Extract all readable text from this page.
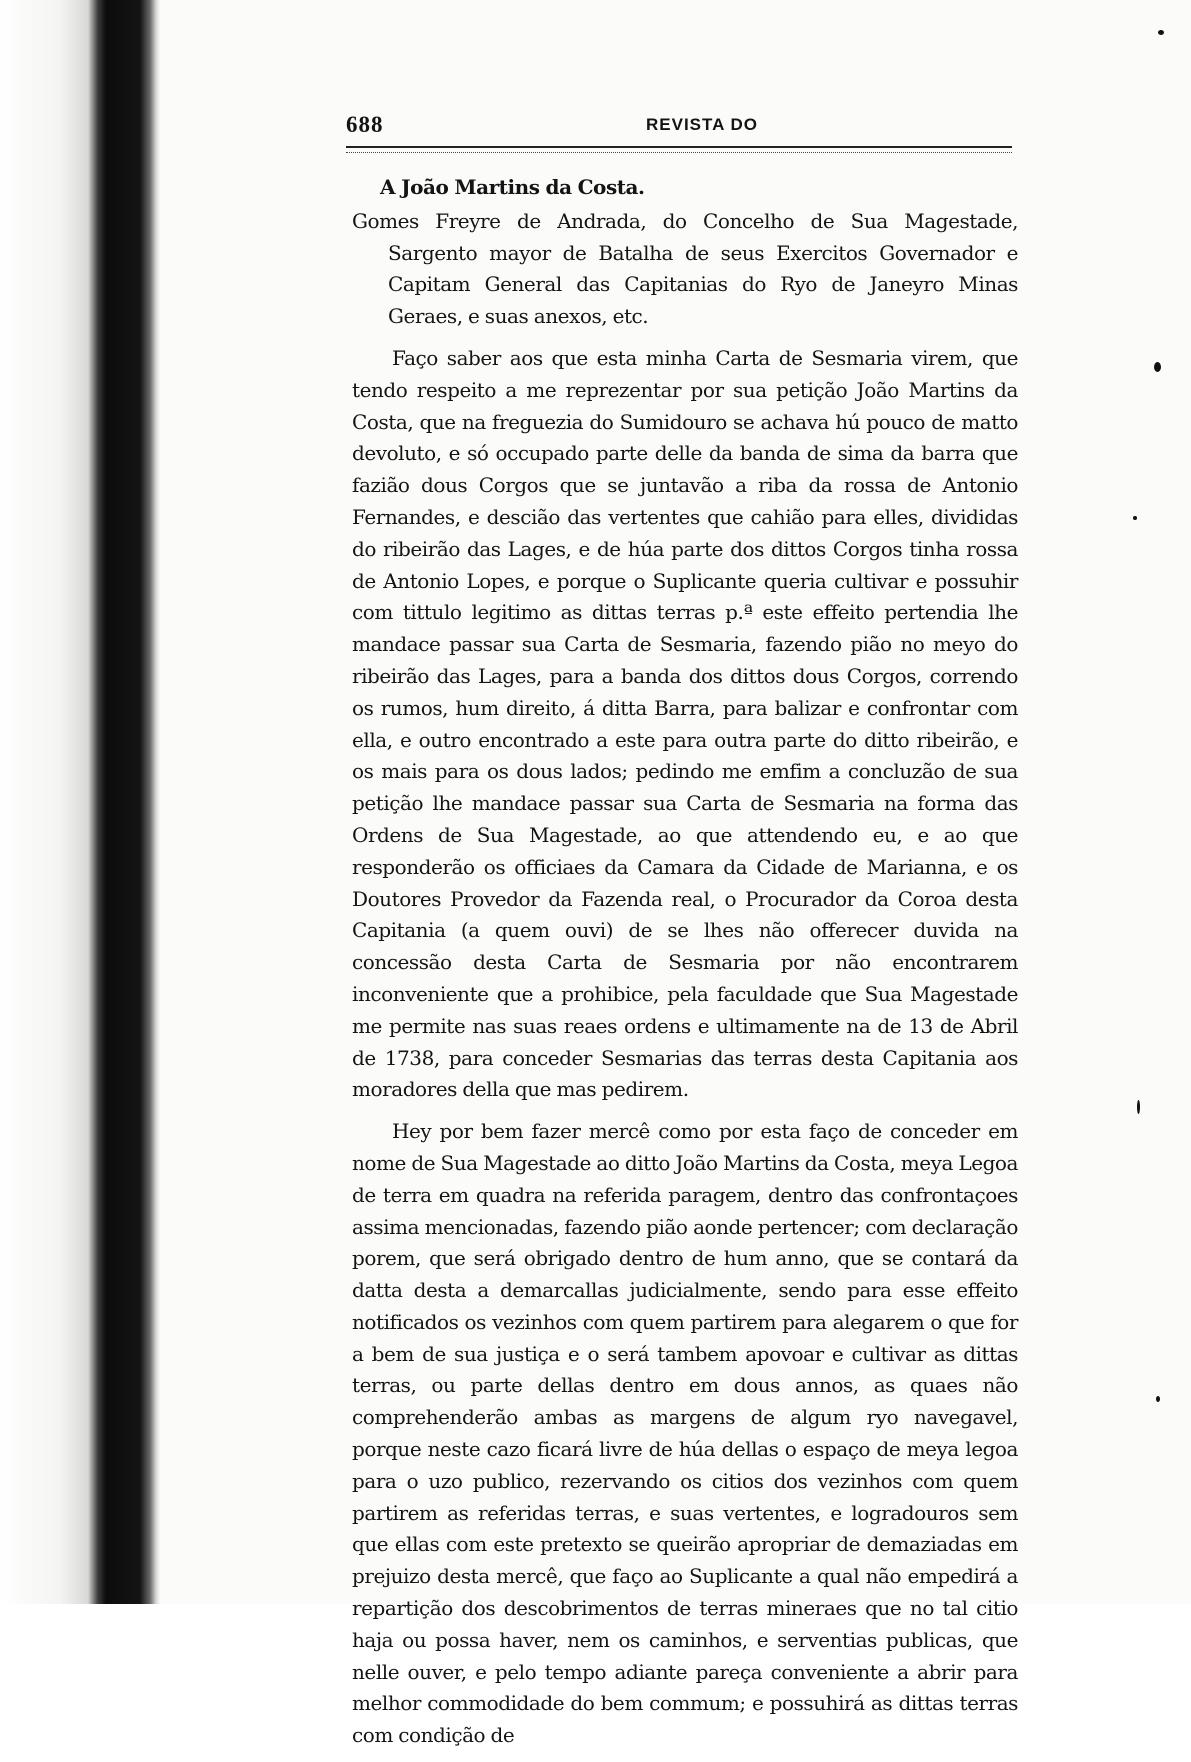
688	REVISTA DO

A João Martins da Costa.

Gomes Freyre de Andrada, do Concelho de Sua Magestade, Sargento mayor de Batalha de seus Exercitos Governador e Capitam General das Capitanias do Ryo de Janeyro Minas Geraes, e suas anexos, etc.

Faço saber aos que esta minha Carta de Sesmaria virem, que tendo respeito a me reprezentar por sua petição João Martins da Costa, que na freguezia do Sumidouro se achava hú pouco de matto devoluto, e só occupado parte delle da banda de sima da barra que fazião dous Corgos que se juntavão a riba da rossa de Antonio Fernandes, e descião das vertentes que cahião para elles, divididas do ribeirão das Lages, e de húa parte dos dittos Corgos tinha rossa de Antonio Lopes, e porque o Suplicante queria cultivar e possuhir com tittulo legitimo as dittas terras p.ª este effeito pertendia lhe mandace passar sua Carta de Sesmaria, fazendo pião no meyo do ribeirão das Lages, para a banda dos dittos dous Corgos, correndo os rumos, hum direito, á ditta Barra, para balizar e confrontar com ella, e outro encontrado a este para outra parte do ditto ribeirão, e os mais para os dous lados; pedindo me emfim a concluzão de sua petição lhe mandace passar sua Carta de Sesmaria na forma das Ordens de Sua Magestade, ao que attendendo eu, e ao que responderão os officiaes da Camara da Cidade de Marianna, e os Doutores Provedor da Fazenda real, o Procurador da Coroa desta Capitania (a quem ouvi) de se lhes não offerecer duvida na concessão desta Carta de Sesmaria por não encontrarem inconveniente que a prohibice, pela faculdade que Sua Magestade me permite nas suas reaes ordens e ultimamente na de 13 de Abril de 1738, para conceder Sesmarias das terras desta Capitania aos moradores della que mas pedirem.

Hey por bem fazer mercê como por esta faço de conceder em nome de Sua Magestade ao ditto João Martins da Costa, meya Legoa de terra em quadra na referida paragem, dentro das confrontaçoes assima mencionadas, fazendo pião aonde pertencer; com declaração porem, que será obrigado dentro de hum anno, que se contará da datta desta a demarcallas judicialmente, sendo para esse effeito notificados os vezinhos com quem partirem para alegarem o que for a bem de sua justiça e o será tambem apovoar e cultivar as dittas terras, ou parte dellas dentro em dous annos, as quaes não comprehenderão ambas as margens de algum ryo navegavel, porque neste cazo ficará livre de húa dellas o espaço de meya legoa para o uzo publico, rezervando os citios dos vezinhos com quem partirem as referidas terras, e suas vertentes, e logradouros sem que ellas com este pretexto se queirão apropriar de demaziadas em prejuizo desta mercê, que faço ao Suplicante a qual não empedirá a repartição dos descobrimentos de terras mineraes que no tal citio haja ou possa haver, nem os caminhos, e serventias publicas, que nelle ouver, e pelo tempo adiante pareça conveniente a abrir para melhor commodidade do bem commum; e possuhirá as dittas terras com condição de
